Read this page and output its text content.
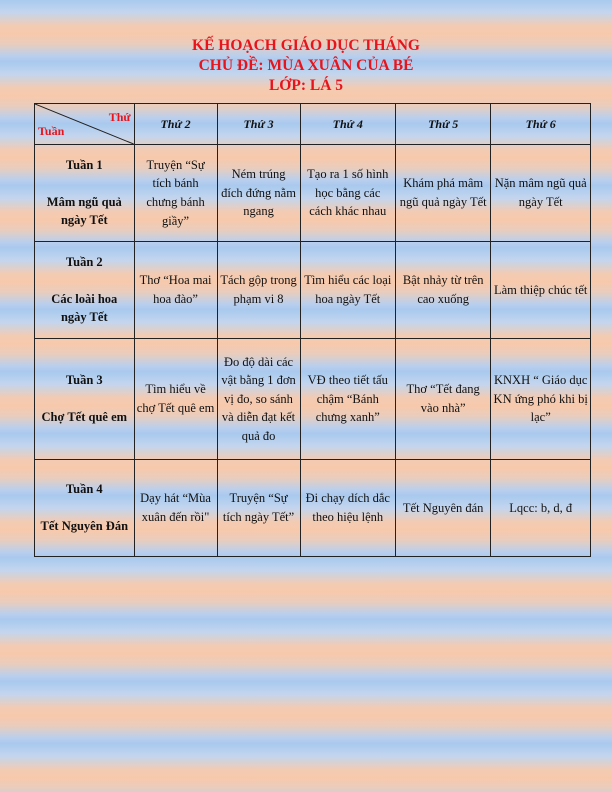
KẾ HOẠCH GIÁO DỤC THÁNG
CHỦ ĐỀ: MÙA XUÂN CỦA BÉ
LỚP: LÁ 5
Thứ
Tuần	Thứ 2	Thứ 3	Thứ 4	Thứ 5	Thứ 6

Tuần 1
Mâm ngũ quả ngày Tết	Truyện “Sự tích bánh chưng bánh giầy”	Ném trúng đích đứng nằm ngang	Tạo ra 1 số hình học bằng các cách khác nhau	Khám phá mâm ngũ quả ngày Tết	Nặn mâm ngũ quả ngày Tết

Tuần 2
Các loài hoa ngày Tết	Thơ “Hoa mai hoa đào”	Tách gộp trong phạm vi 8	Tìm hiểu các loại hoa ngày Tết	Bật nhảy từ trên cao xuống	Làm thiệp chúc tết

Tuần 3
Chợ Tết quê em	Tìm hiểu về chợ Tết quê em	Đo độ dài các vật bằng 1 đơn vị đo, so sánh và diễn đạt kết quả đo	VĐ theo tiết tấu chậm “Bánh chưng xanh”	Thơ “Tết đang vào nhà”	KNXH “ Giáo dục KN ứng phó khi bị lạc”

Tuần 4
Tết Nguyên Đán	Dạy hát “Mùa xuân đến rồi"	Truyện “Sự tích ngày Tết”	Đi chạy dích dắc theo hiệu lệnh	Tết Nguyên đán	Lqcc: b, d, đ
